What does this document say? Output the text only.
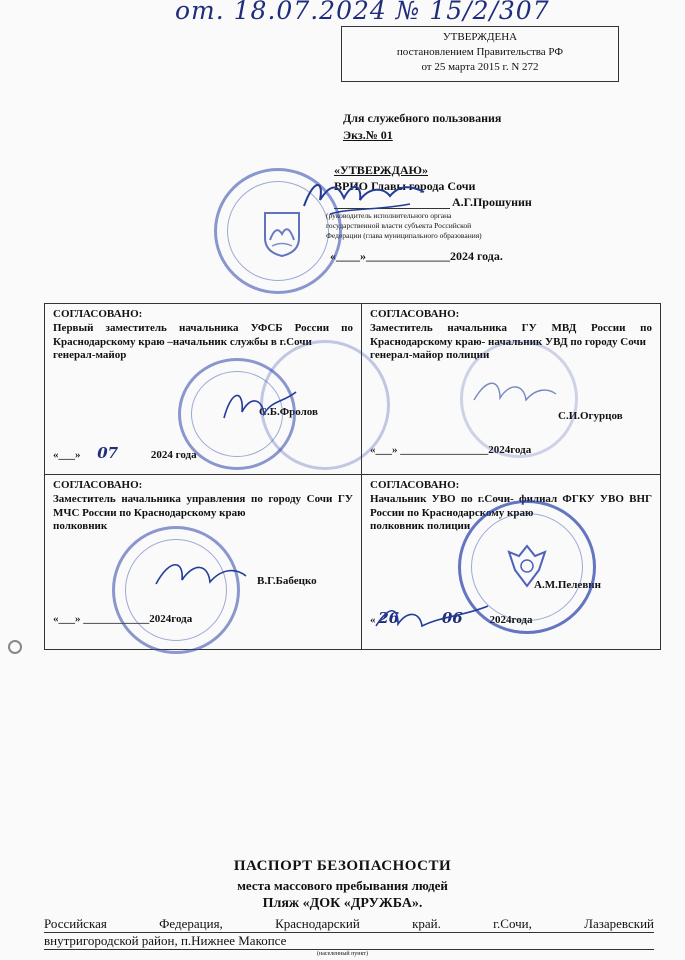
от. 18.07.2024 № 15/2/307
УТВЕРЖДЕНА
постановлением Правительства РФ
от 25 марта 2015 г. N 272
Для служебного пользования
Экз.№ 01
«УТВЕРЖДАЮ»
ВРИО Главы города Сочи
А.Г.Прошунин
(руководитель исполнительного органа
государственной власти субъекта Российской
Федерации (глава муниципального образования)
«____»______________2024 года.
СОГЛАСОВАНО:
Первый заместитель начальника УФСБ России по Краснодарскому краю –начальник службы в г.Сочи
генерал-майор
С.Б.Фролов
«___» 07	2024 года
СОГЛАСОВАНО:
Заместитель начальника ГУ МВД России по Краснодарскому краю- начальник УВД по городу Сочи
генерал-майор полиции
С.И.Огурцов
«___» ________________2024года
СОГЛАСОВАНО:
Заместитель начальника управления по городу Сочи ГУ МЧС России по Краснодарскому краю
полковник
В.Г.Бабецко
«___» ____________2024года
СОГЛАСОВАНО:
Начальник УВО по г.Сочи- филиал ФГКУ УВО ВНГ России по Краснодарскому краю
полковник полиции
А.М.Пелевин
« 26	06 2024года
ПАСПОРТ БЕЗОПАСНОСТИ
места массового пребывания людей
Пляж «ДОК «ДРУЖБА».
Российская Федерация, Краснодарский край. г.Сочи, Лазаревский
внутригородской район, п.Нижнее Макопсе
(населенный пункт)
